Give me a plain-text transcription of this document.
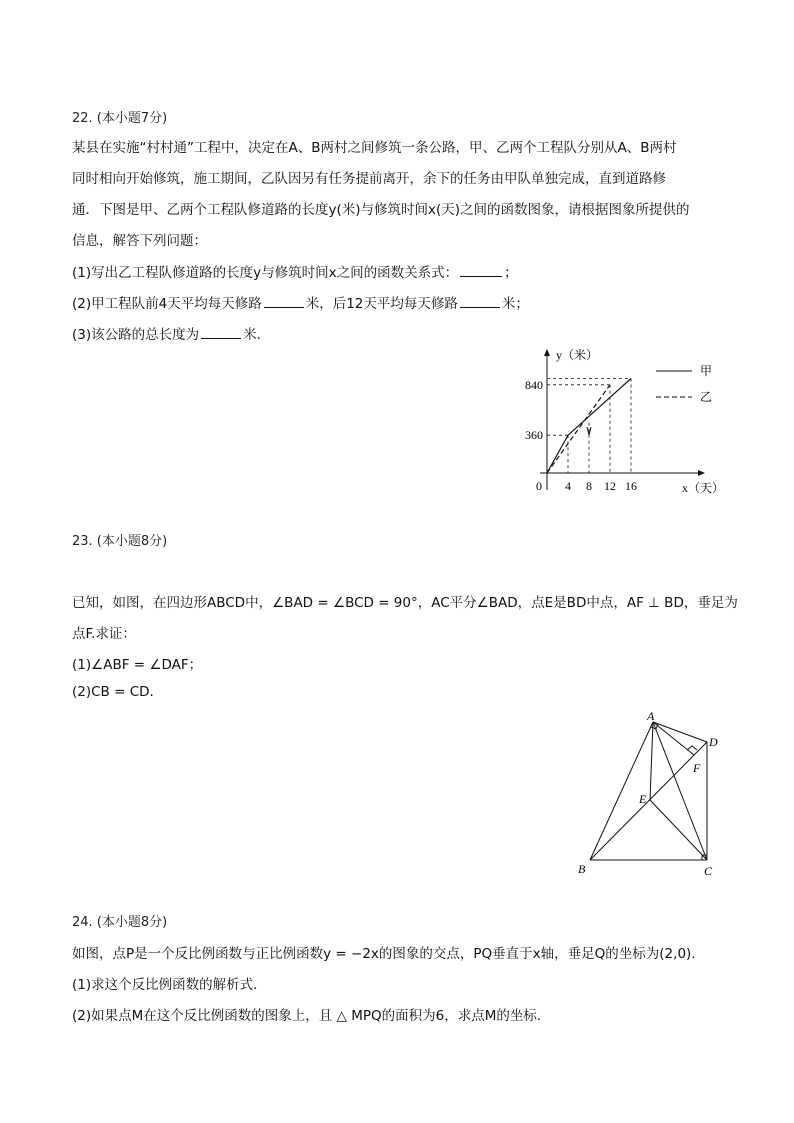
22. (本小题7分)
某县在实施“村村通”工程中，决定在A、B两村之间修筑一条公路，甲、乙两个工程队分别从A、B两村
同时相向开始修筑，施工期间，乙队因另有任务提前离开，余下的任务由甲队单独完成，直到道路修
通．下图是甲、乙两个工程队修道路的长度y(米)与修筑时间x(天)之间的函数图象，请根据图象所提供的
信息，解答下列问题：
(1)写出乙工程队修道路的长度y与修筑时间x之间的函数关系式：	；
(2)甲工程队前4天平均每天修路	米，后12天平均每天修路	米；
(3)该公路的总长度为	米．
y（米）
x（天）
0 4 8 12 16
360
840
甲
乙
23. (本小题8分)
已知，如图，在四边形ABCD中，∠BAD = ∠BCD = 90°，AC平分∠BAD，点E是BD中点，AF ⊥ BD，垂足为
点F.求证：
(1)∠ABF = ∠DAF；
(2)CB = CD.
A
D
F
E
B	C
24. (本小题8分)
如图，点P是一个反比例函数与正比例函数y = −2x的图象的交点，PQ垂直于x轴，垂足Q的坐标为(2,0).
(1)求这个反比例函数的解析式．
(2)如果点M在这个反比例函数的图象上，且 △ MPQ的面积为6，求点M的坐标．
